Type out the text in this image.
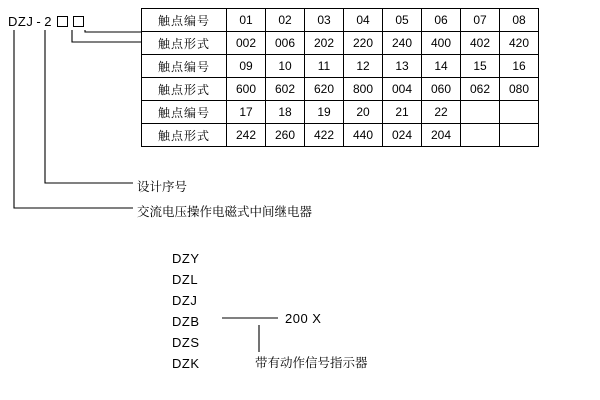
DZJ - 2	触点编号	01	02	03	04	05	06	07	08
触点形式	002	006	202	220	240	400	402	420
触点编号	09	10	11	12	13	14	15	16
触点形式	600	602	620	800	004	060	062	080
触点编号	17	18	19	20	21	22		
触点形式	242	260	422	440	024	204		
设计序号
交流电压操作电磁式中间继电器
DZY
DZL
DZJ
DZB
DZS
DZK
200 X
带有动作信号指示器
